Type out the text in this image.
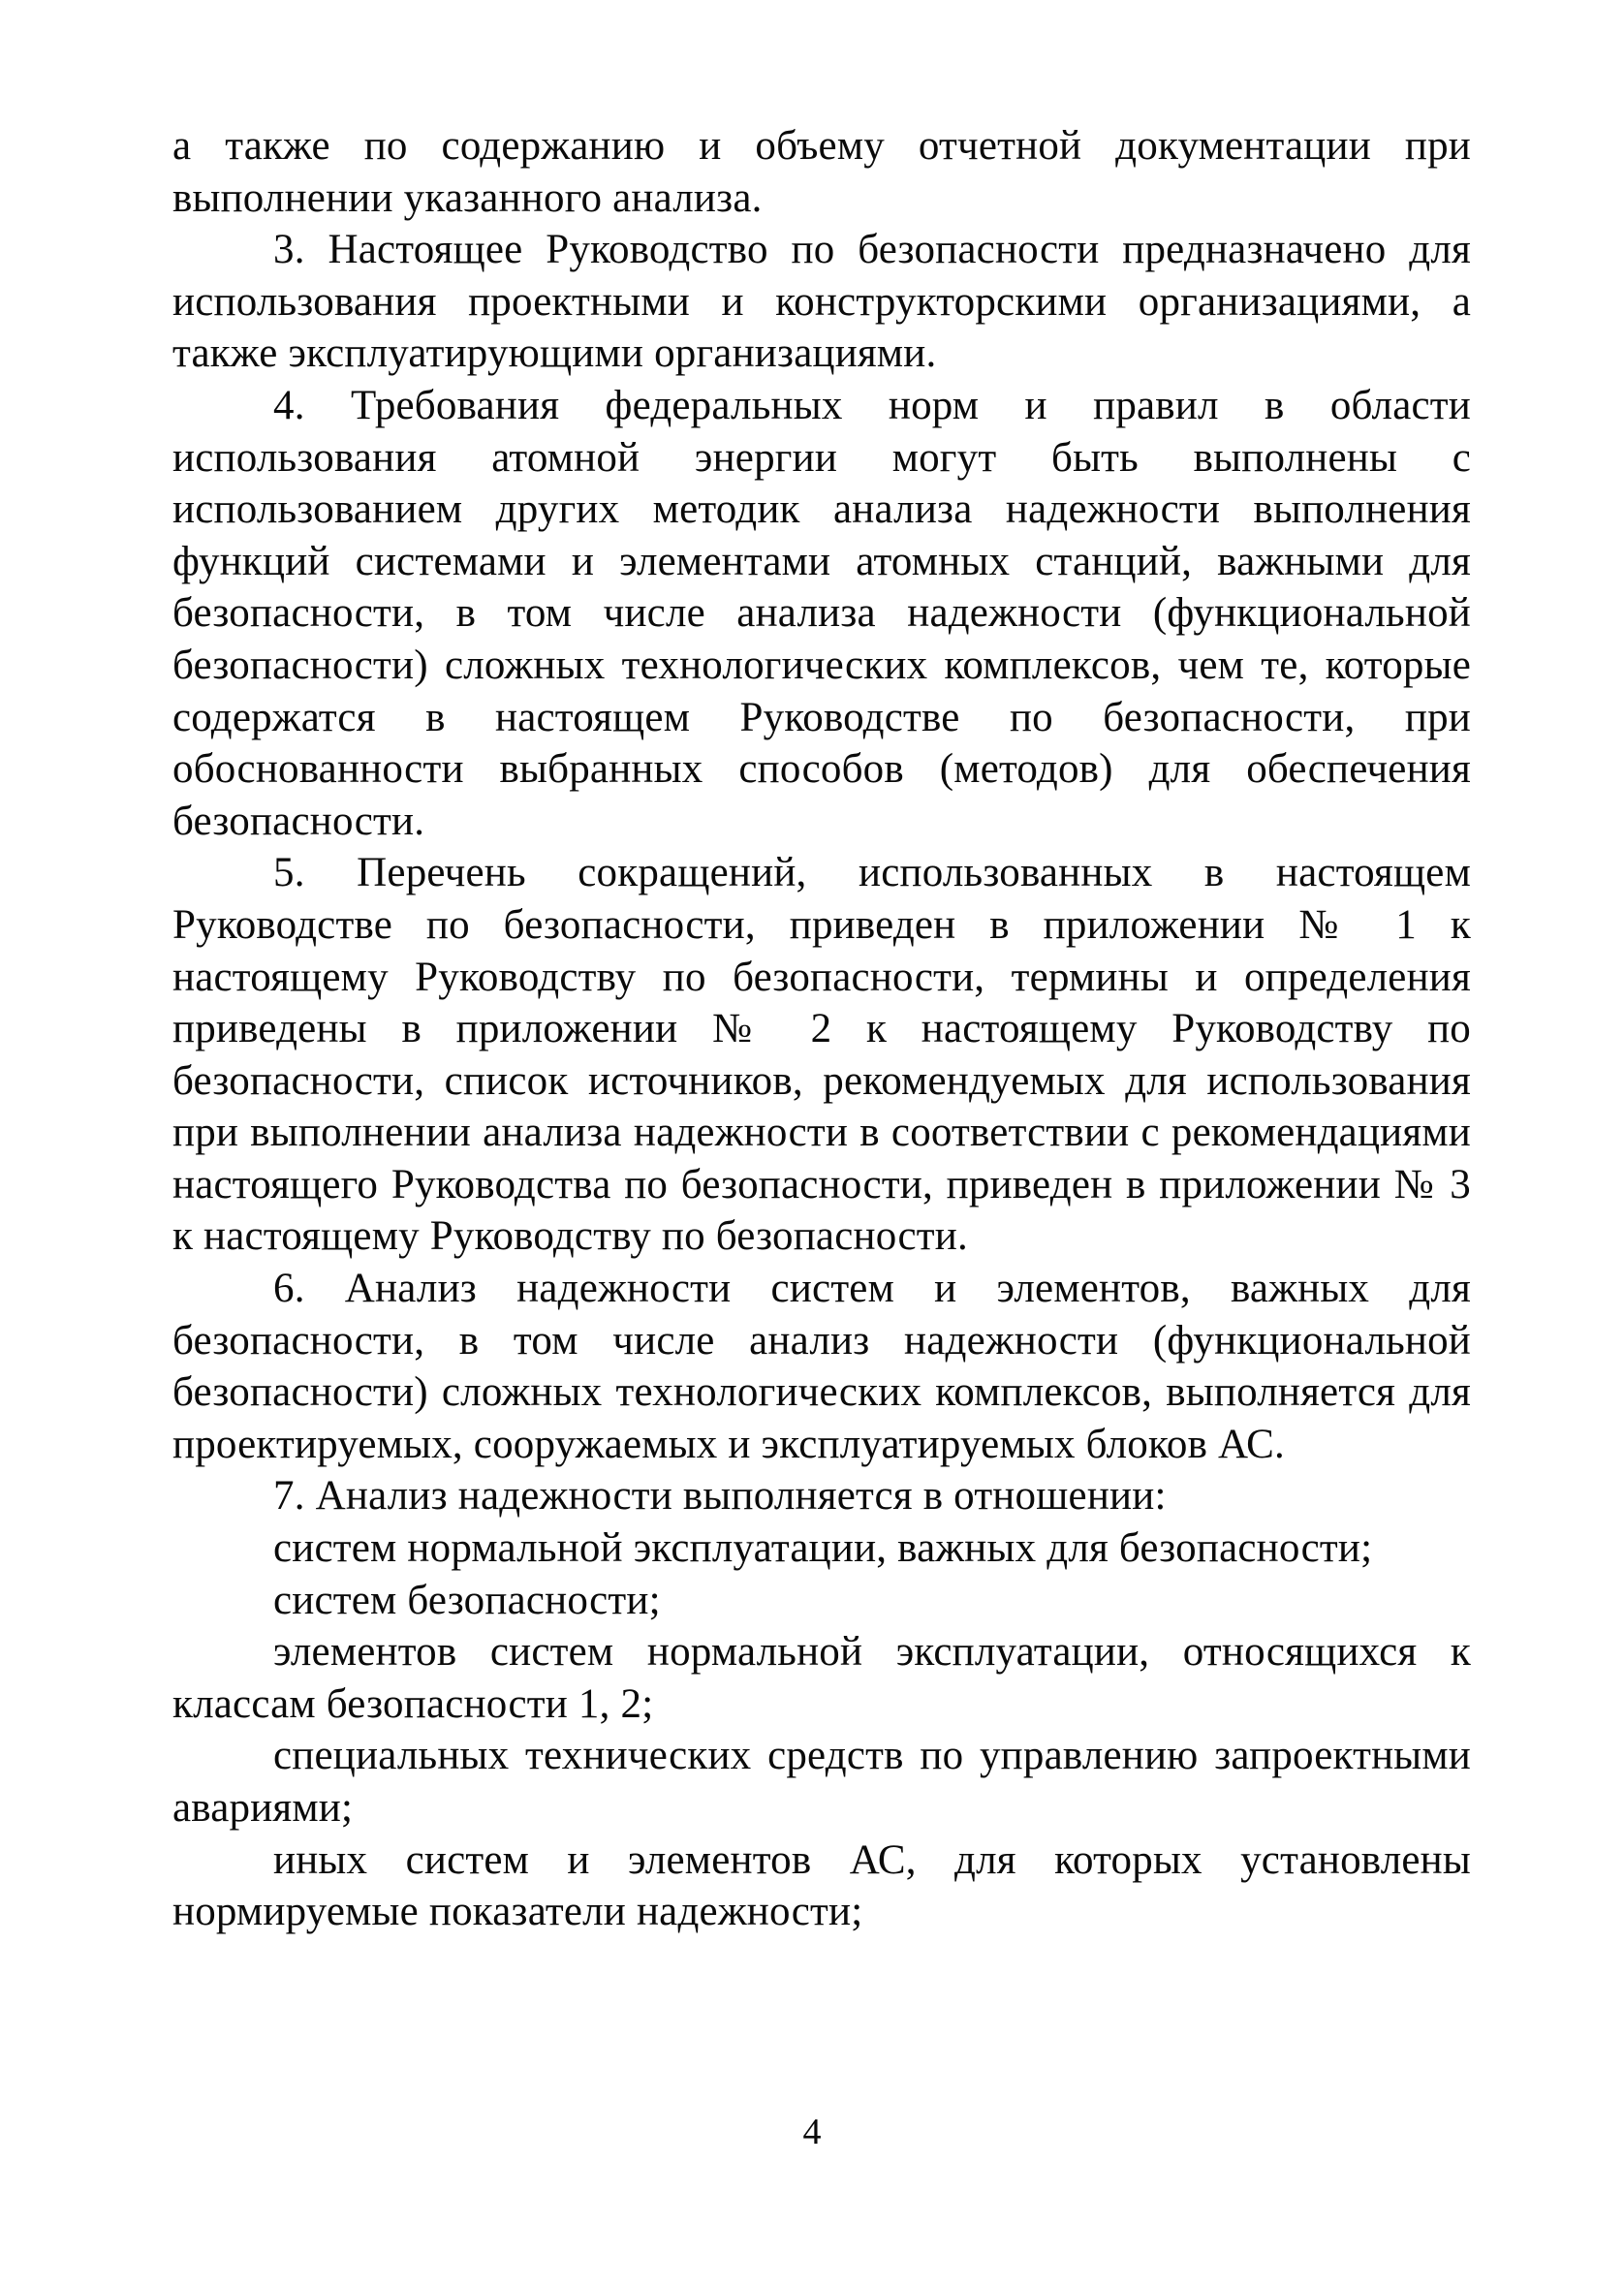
а также по содержанию и объему отчетной документации при выполнении указанного анализа.

3. Настоящее Руководство по безопасности предназначено для использования проектными и конструкторскими организациями, а также эксплуатирующими организациями.

4. Требования федеральных норм и правил в области использования атомной энергии могут быть выполнены с использованием других методик анализа надежности выполнения функций системами и элементами атомных станций, важными для безопасности, в том числе анализа надежности (функциональной безопасности) сложных технологических комплексов, чем те, которые содержатся в настоящем Руководстве по безопасности, при обоснованности выбранных способов (методов) для обеспечения безопасности.

5. Перечень сокращений, использованных в настоящем Руководстве по безопасности, приведен в приложении № 1 к настоящему Руководству по безопасности, термины и определения приведены в приложении № 2 к настоящему Руководству по безопасности, список источников, рекомендуемых для использования при выполнении анализа надежности в соответствии с рекомендациями настоящего Руководства по безопасности, приведен в приложении № 3 к настоящему Руководству по безопасности.

6. Анализ надежности систем и элементов, важных для безопасности, в том числе анализ надежности (функциональной безопасности) сложных технологических комплексов, выполняется для проектируемых, сооружаемых и эксплуатируемых блоков АС.

7. Анализ надежности выполняется в отношении:

систем нормальной эксплуатации, важных для безопасности;

систем безопасности;

элементов систем нормальной эксплуатации, относящихся к классам безопасности 1, 2;

специальных технических средств по управлению запроектными авариями;

иных систем и элементов АС, для которых установлены нормируемые показатели надежности;

4
